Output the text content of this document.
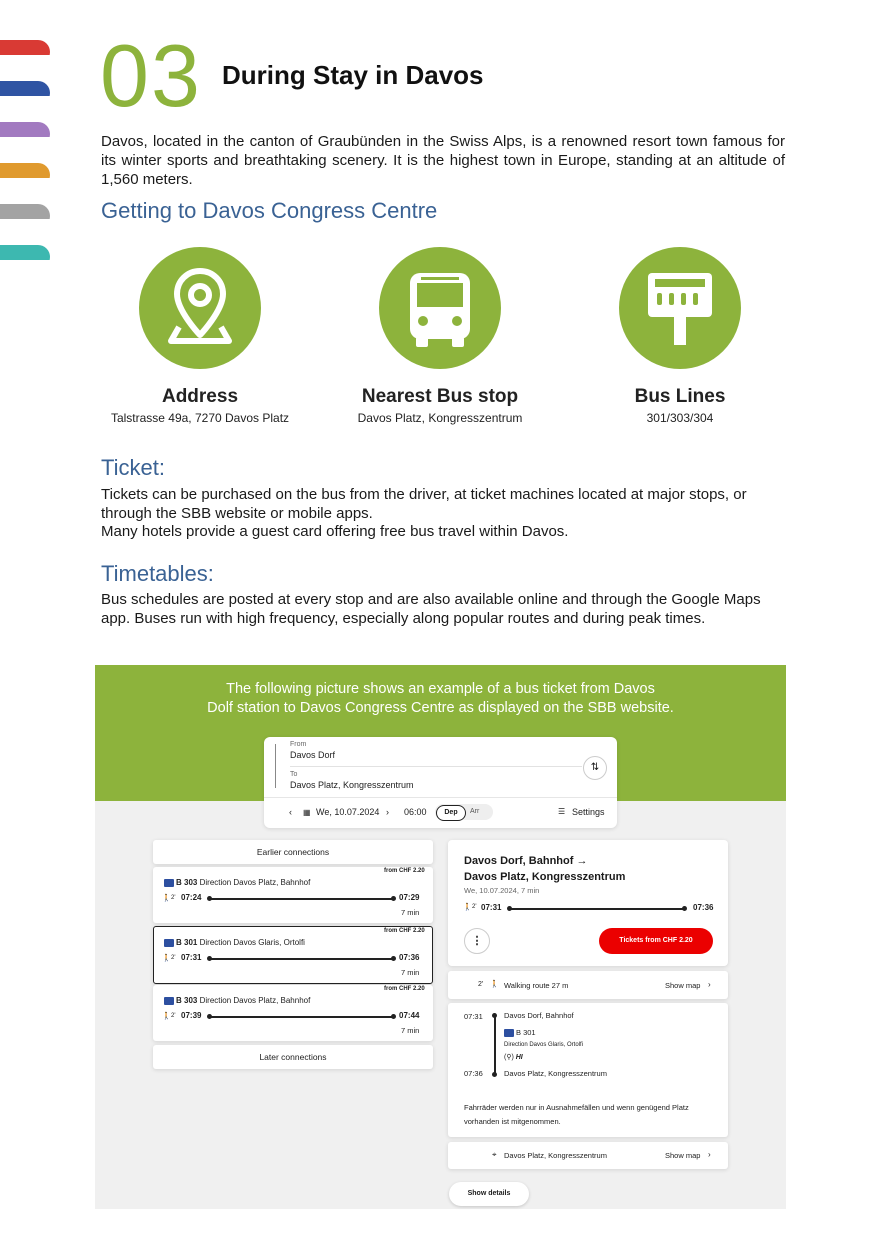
03 During Stay in Davos
Davos, located in the canton of Graubünden in the Swiss Alps, is a renowned resort town famous for its winter sports and breathtaking scenery. It is the highest town in Europe, standing at an altitude of 1,560 meters.
Getting to Davos Congress Centre
Address
Talstrasse 49a, 7270 Davos Platz
Nearest Bus stop
Davos Platz, Kongresszentrum
Bus Lines
301/303/304
Ticket:
Tickets can be purchased on the bus from the driver, at ticket machines located at major stops, or through the SBB website or mobile apps.
Many hotels provide a guest card offering free bus travel within Davos.
Timetables:
Bus schedules are posted at every stop and are also available online and through the Google Maps app. Buses run with high frequency, especially along popular routes and during peak times.
The following picture shows an example of a bus ticket from Davos
Dolf station to Davos Congress Centre as displayed on the SBB website.
From
Davos Dorf
To
Davos Platz, Kongresszentrum
⇅
‹ ▦ We, 10.07.2024 › 06:00	Dep	Arr	☰ Settings
Earlier connections
from CHF 2.20
B 303 Direction Davos Platz, Bahnhof
🚶 2' 07:24	07:29
7 min
from CHF 2.20
B 301 Direction Davos Glaris, Ortolfi
🚶 2' 07:31	07:36
7 min
from CHF 2.20
B 303 Direction Davos Platz, Bahnhof
🚶 2' 07:39	07:44
7 min
Later connections
Davos Dorf, Bahnhof →
Davos Platz, Kongresszentrum
We, 10.07.2024, 7 min
🚶 2' 07:31	07:36
⋮	Tickets from CHF 2.20
2' 🚶 Walking route 27 m	Show map ›
07:31	Davos Dorf, Bahnhof
B 301
Direction Davos Glaris, Ortolfi
(⚲) HI
07:36	Davos Platz, Kongresszentrum
Fahrräder werden nur in Ausnahmefällen und wenn genügend Platz vorhanden ist mitgenommen.
⌖ Davos Platz, Kongresszentrum	Show map ›
Show details
